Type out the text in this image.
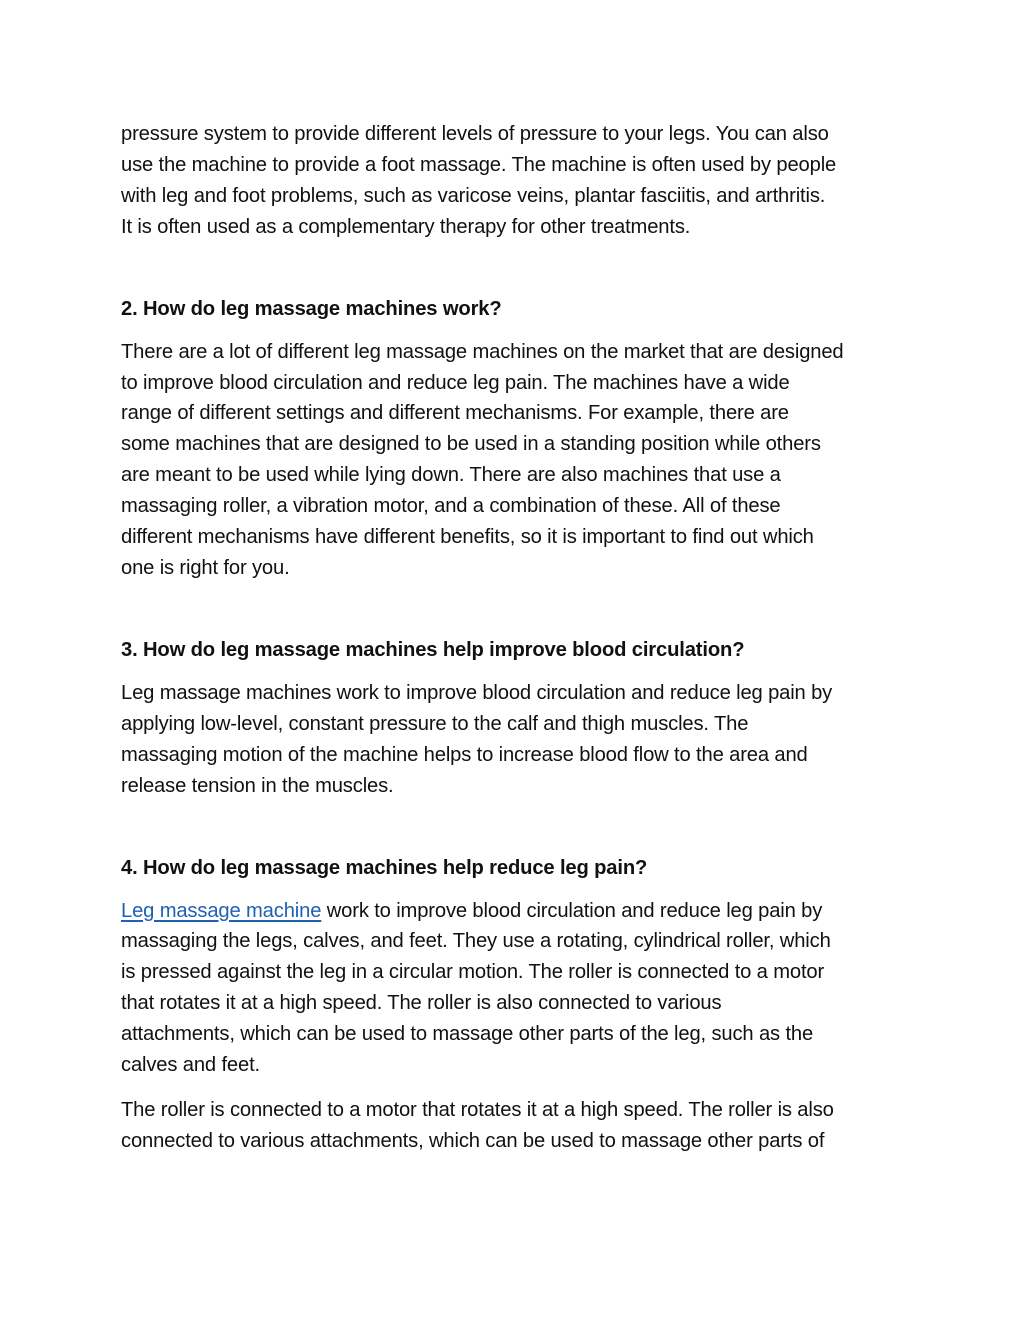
pressure system to provide different levels of pressure to your legs. You can also
use the machine to provide a foot massage. The machine is often used by people
with leg and foot problems, such as varicose veins, plantar fasciitis, and arthritis.
It is often used as a complementary therapy for other treatments.

2. How do leg massage machines work?

There are a lot of different leg massage machines on the market that are designed
to improve blood circulation and reduce leg pain. The machines have a wide
range of different settings and different mechanisms. For example, there are
some machines that are designed to be used in a standing position while others
are meant to be used while lying down. There are also machines that use a
massaging roller, a vibration motor, and a combination of these. All of these
different mechanisms have different benefits, so it is important to find out which
one is right for you.

3. How do leg massage machines help improve blood circulation?

Leg massage machines work to improve blood circulation and reduce leg pain by
applying low-level, constant pressure to the calf and thigh muscles. The
massaging motion of the machine helps to increase blood flow to the area and
release tension in the muscles.

4. How do leg massage machines help reduce leg pain?

Leg massage machine work to improve blood circulation and reduce leg pain by
massaging the legs, calves, and feet. They use a rotating, cylindrical roller, which
is pressed against the leg in a circular motion. The roller is connected to a motor
that rotates it at a high speed. The roller is also connected to various
attachments, which can be used to massage other parts of the leg, such as the
calves and feet.

The roller is connected to a motor that rotates it at a high speed. The roller is also
connected to various attachments, which can be used to massage other parts of
